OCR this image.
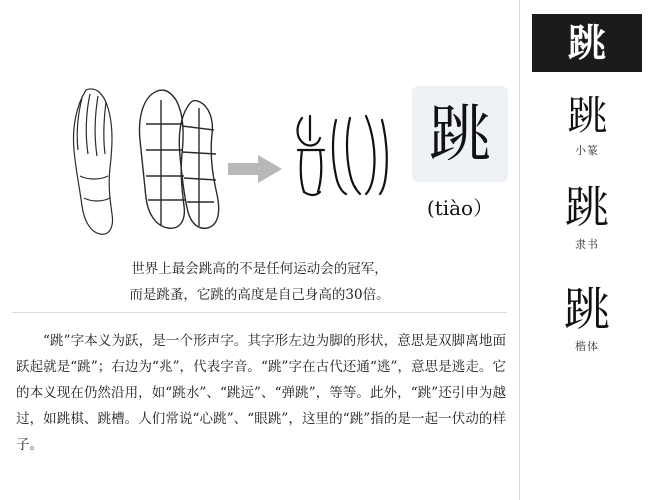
跳
(tiào）
世界上最会跳高的不是任何运动会的冠军，
而是跳蚤，它跳的高度是自己身高的30倍。
“跳”字本义为跃，是一个形声字。其字形左边为脚的形状，意思是双脚离地面跃起就是“跳”；右边为“兆”，代表字音。“跳”字在古代还通“逃”，意思是逃走。它的本义现在仍然沿用，如“跳水”、“跳远”、“弹跳”，等等。此外，“跳”还引申为越过，如跳棋、跳槽。人们常说“心跳”、“眼跳”，这里的“跳”指的是一起一伏动的样子。
跳
跳
小篆
跳
隶书
跳
楷体
